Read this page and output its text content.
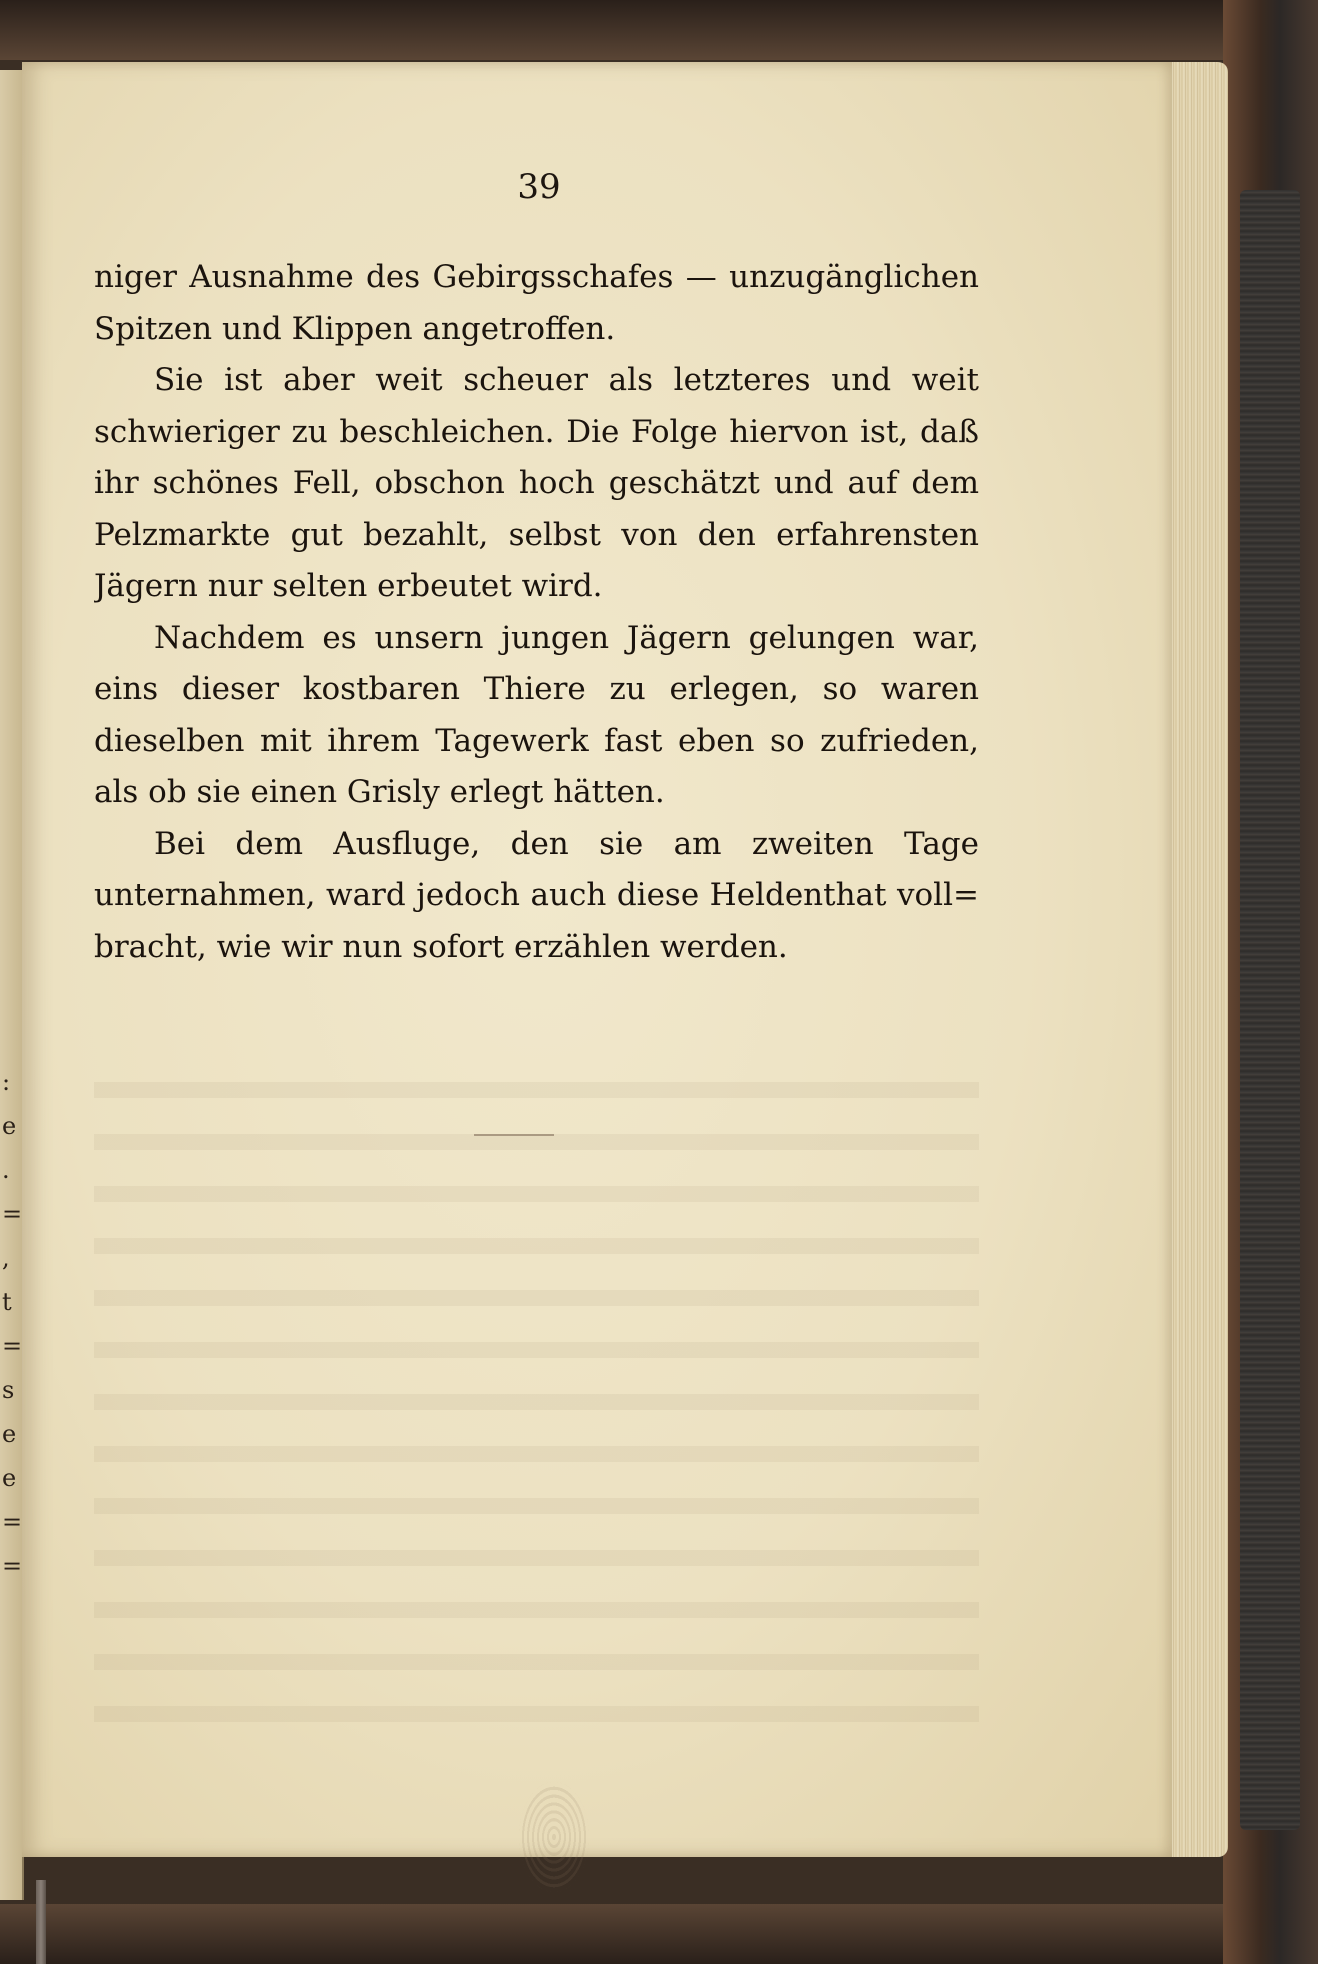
:
e
.
=
,
t
=
s
e
e
=
=
39
niger Ausnahme des Gebirgsschafes — unzugänglichen
Spitzen und Klippen angetroffen.
Sie ist aber weit scheuer als letzteres und weit
schwieriger zu beschleichen. Die Folge hiervon ist, daß
ihr schönes Fell, obschon hoch geschätzt und auf dem
Pelzmarkte gut bezahlt, selbst von den erfahrensten
Jägern nur selten erbeutet wird.
Nachdem es unsern jungen Jägern gelungen war,
eins dieser kostbaren Thiere zu erlegen, so waren
dieselben mit ihrem Tagewerk fast eben so zufrieden,
als ob sie einen Grisly erlegt hätten.
Bei dem Ausfluge, den sie am zweiten Tage
unternahmen, ward jedoch auch diese Heldenthat voll=
bracht, wie wir nun sofort erzählen werden.
